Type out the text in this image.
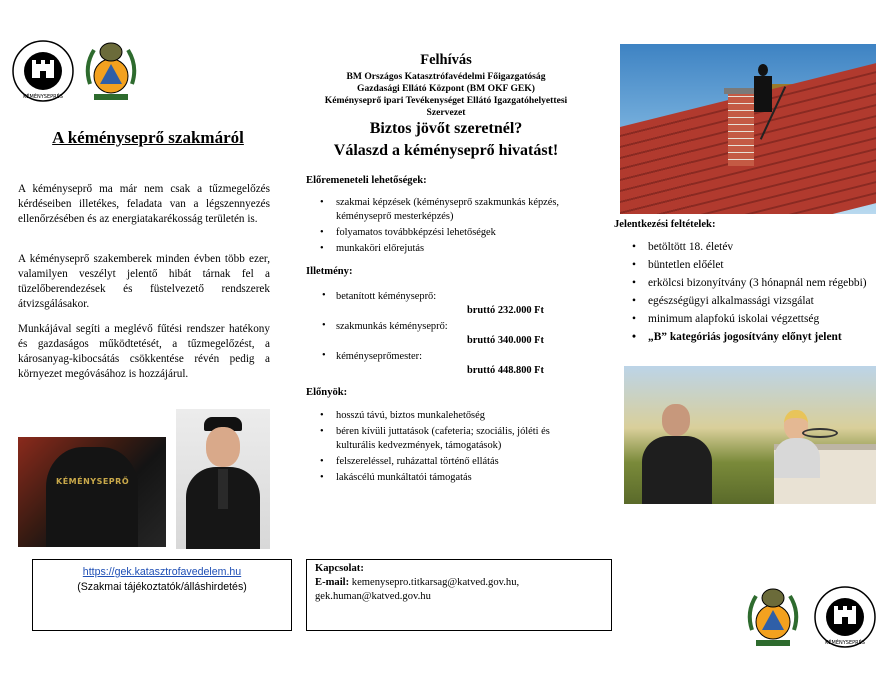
KÉMÉNYSEPRÉS
A kéményseprő szakmáról

A kéményseprő ma már nem csak a tűzmegelőzés kérdéseiben illetékes, feladata van a légszennyezés ellenőrzésében és az energiatakarékosság területén is.

A kéményseprő szakemberek minden évben több ezer, valamilyen veszélyt jelentő hibát tárnak fel a tüzelőberendezések és füstelvezető rendszerek átvizsgálásakor.

Munkájával segíti a meglévő fűtési rendszer hatékony és gazdaságos működtetését, a tűzmegelőzést, a károsanyag-kibocsátás csökkentése révén pedig a környezet megóvásához is hozzájárul.

KÉMÉNYSEPRŐ
https://gek.katasztrofavedelem.hu
(Szakmai tájékoztatók/álláshirdetés)
Felhívás
BM Országos Katasztrófavédelmi Főigazgatóság
Gazdasági Ellátó Központ (BM OKF GEK)
Kéményseprő ipari Tevékenységet Ellátó Igazgatóhelyettesi
Szervezet
Biztos jövőt szeretnél?
Válaszd a kéményseprő hivatást!
Előremeneteli lehetőségek:
• szakmai képzések (kéményseprő szakmunkás képzés, kéményseprő mesterképzés)
• folyamatos továbbképzési lehetőségek
• munkaköri előrejutás
Illetmény:
• betanított kéményseprő:
bruttó 232.000 Ft
• szakmunkás kéményseprő:
bruttó 340.000 Ft
• kéményseprőmester:
bruttó 448.800 Ft
Előnyök:
• hosszú távú, biztos munkalehetőség
• béren kívüli juttatások (cafeteria; szociális, jóléti és kulturális kedvezmények, támogatások)
• felszereléssel, ruházattal történő ellátás
• lakáscélú munkáltatói támogatás
Kapcsolat:
E-mail: kemenysepro.titkarsag@katved.gov.hu,
gek.human@katved.gov.hu
Jelentkezési feltételek:
• betöltött 18. életév
• büntetlen előélet
• erkölcsi bizonyítvány (3 hónapnál nem régebbi)
• egészségügyi alkalmassági vizsgálat
• minimum alapfokú iskolai végzettség
• „B” kategóriás jogosítvány előnyt jelent
KÉMÉNYSEPRÉS
